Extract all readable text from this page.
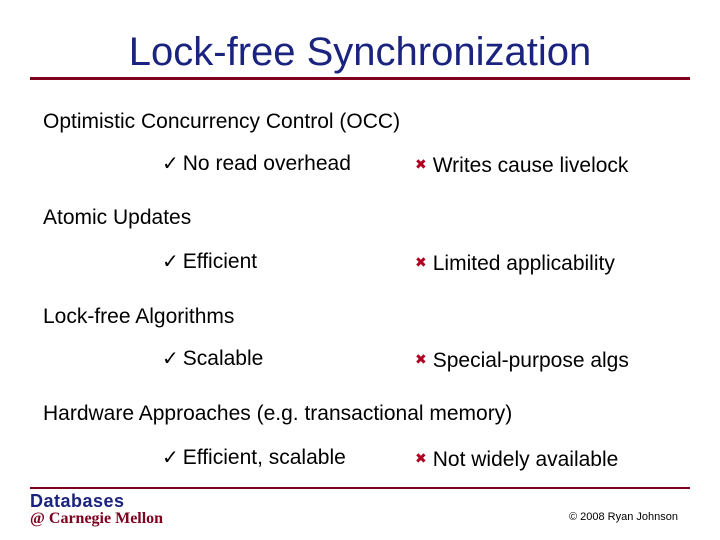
Lock-free Synchronization
Optimistic Concurrency Control (OCC)
✓ No read overhead	✖ Writes cause livelock
Atomic Updates
✓ Efficient	✖ Limited applicability
Lock-free Algorithms
✓ Scalable	✖ Special-purpose algs
Hardware Approaches (e.g. transactional memory)
✓ Efficient, scalable	✖ Not widely available
Databases
@ Carnegie Mellon	© 2008 Ryan Johnson
